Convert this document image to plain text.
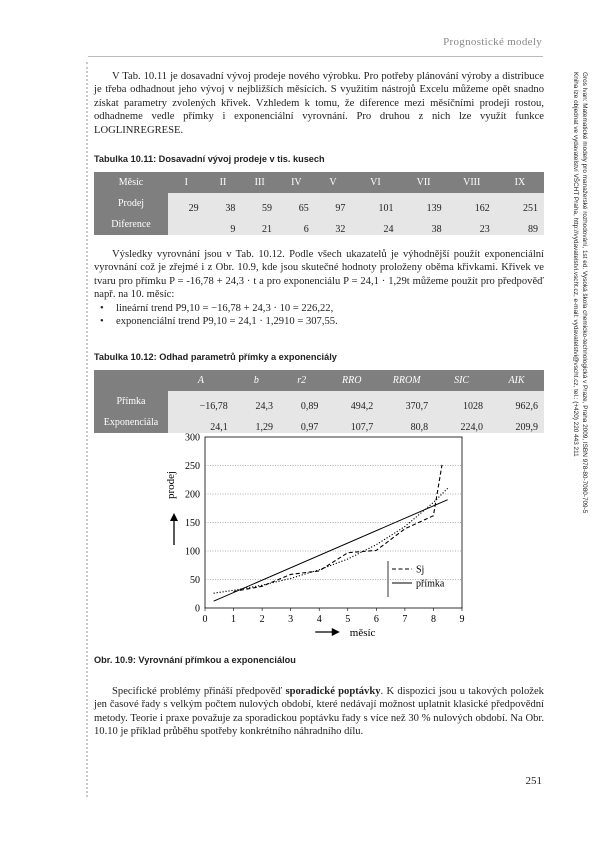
Prognostické modely
Gros Ivan: Matematické modely pro manažerské rozhodování, 1st ed. Vysoká škola chemicko-technologická v Praze, Praha 2009, ISBN 978-80-7080-709-5
Kniha lze objednat ve vydavatelství VŠCHT Praha, http://vydavatelstvi.vscht.cz, e-mail: vydavatelstvi@vscht.cz, tel.: (+420) 220 443 211

V Tab. 10.11 je dosavadní vývoj prodeje nového výrobku. Pro potřeby plánování výroby a distribuce je třeba odhadnout jeho vývoj v nejbližších měsících. S využitím nástrojů Excelu můžeme opět snadno získat parametry zvolených křivek. Vzhledem k tomu, že diference mezi měsíčními prodeji rostou, odhadneme vedle přímky i exponenciální vyrovnání. Pro druhou z nich lze využít funkce LOGLINREGRESE.

Tabulka 10.11: Dosavadní vývoj prodeje v tis. kusech
Měsíc	I	II	III	IV	V	VI	VII	VIII	IX
Prodej	29	38	59	65	97	101	139	162	251
Diference		9	21	6	32	24	38	23	89

Výsledky vyrovnání jsou v Tab. 10.12. Podle všech ukazatelů je výhodnější použít exponenciální vyrovnání což je zřejmé i z Obr. 10.9, kde jsou skutečné hodnoty proloženy oběma křivkami. Křivek ve tvaru pro přímku P = -16,78 + 24,3 · t a pro exponenciálu P = 24,1 · 1,29t můžeme použít pro předpověď např. na 10. měsíc:

• lineární trend P9,10 = −16,78 + 24,3 · 10 = 226,22,
• exponenciální trend P9,10 = 24,1 · 1,2910 = 307,55.
Tabulka 10.12: Odhad parametrů přímky a exponenciály
	A	b	r2	RRO	RROM	SIC	AIK
Přímka	−16,78	24,3	0,89	494,2	370,7	1028	962,6
Exponenciála	24,1	1,29	0,97	107,7	80,8	224,0	209,9
0
50
100
150
200
250
300
0 1 2 3 4 5 6 7 8 9
Sj
přímka
prodej
měsíc
Obr. 10.9: Vyrovnání přímkou a exponenciálou

Specifické problémy přináší předpověď sporadické poptávky. K dispozici jsou u takových položek jen časové řady s velkým počtem nulových období, které nedávají možnost uplatnit klasické předpovědní metody. Teorie i praxe považuje za sporadickou poptávku řady s více než 30 % nulových období. Na Obr. 10.10 je příklad průběhu spotřeby konkrétního náhradního dílu.

251
